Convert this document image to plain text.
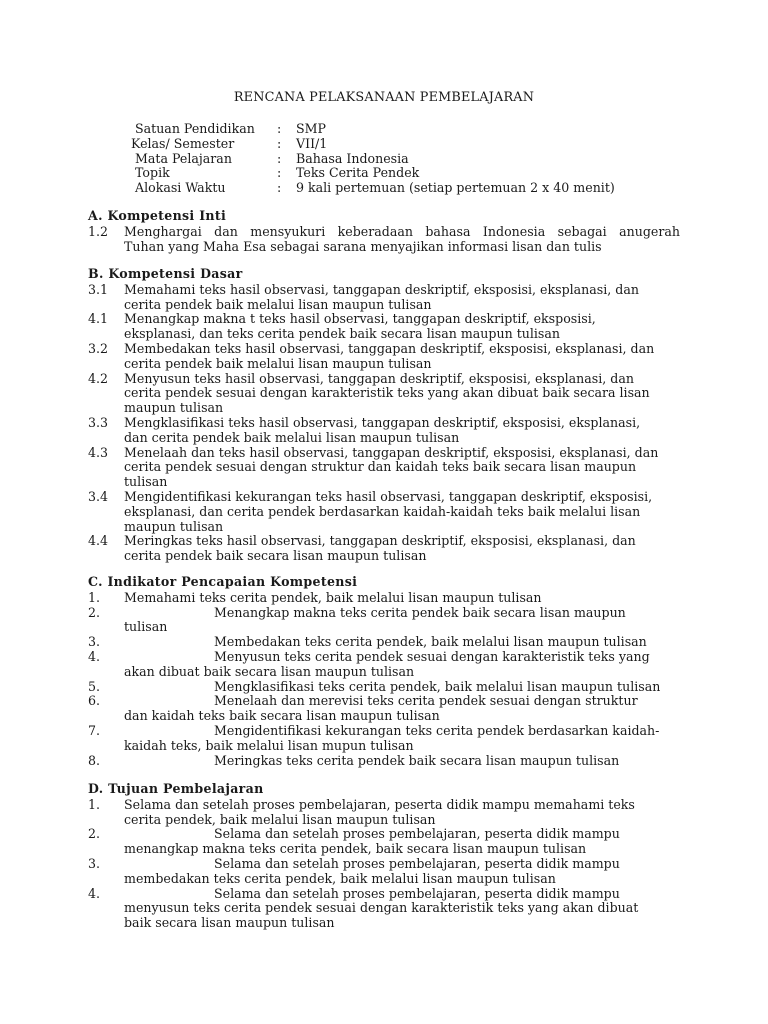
RENCANA PELAKSANAAN PEMBELAJARAN
Satuan Pendidikan : SMP
Kelas/ Semester	: VII/1
Mata Pelajaran	: Bahasa Indonesia
Topik	: Teks Cerita Pendek
Alokasi Waktu	: 9 kali pertemuan (setiap pertemuan 2 x 40 menit)
A. Kompetensi Inti
1.2 Menghargai dan mensyukuri keberadaan bahasa Indonesia sebagai anugerah
Tuhan yang Maha Esa sebagai sarana menyajikan informasi lisan dan tulis
B. Kompetensi Dasar
3.1 Memahami teks hasil observasi, tanggapan deskriptif, eksposisi, eksplanasi, dan
cerita pendek baik melalui lisan maupun tulisan
4.1 Menangkap makna t teks hasil observasi, tanggapan deskriptif, eksposisi,
eksplanasi, dan teks cerita pendek baik secara lisan maupun tulisan
3.2 Membedakan teks hasil observasi, tanggapan deskriptif, eksposisi, eksplanasi, dan
cerita pendek baik melalui lisan maupun tulisan
4.2 Menyusun teks hasil observasi, tanggapan deskriptif, eksposisi, eksplanasi, dan
cerita pendek sesuai dengan karakteristik teks yang akan dibuat baik secara lisan
maupun tulisan
3.3 Mengklasifikasi teks hasil observasi, tanggapan deskriptif, eksposisi, eksplanasi,
dan cerita pendek baik melalui lisan maupun tulisan
4.3 Menelaah dan teks hasil observasi, tanggapan deskriptif, eksposisi, eksplanasi, dan
cerita pendek sesuai dengan struktur dan kaidah teks baik secara lisan maupun
tulisan
3.4 Mengidentifikasi kekurangan teks hasil observasi, tanggapan deskriptif, eksposisi,
eksplanasi, dan cerita pendek berdasarkan kaidah-kaidah teks baik melalui lisan
maupun tulisan
4.4 Meringkas teks hasil observasi, tanggapan deskriptif, eksposisi, eksplanasi, dan
cerita pendek baik secara lisan maupun tulisan
C. Indikator Pencapaian Kompetensi
1. Memahami teks cerita pendek, baik melalui lisan maupun tulisan
2.	Menangkap makna teks cerita pendek baik secara lisan maupun
tulisan
3.	Membedakan teks cerita pendek, baik melalui lisan maupun tulisan
4.	Menyusun teks cerita pendek sesuai dengan karakteristik teks yang
akan dibuat baik secara lisan maupun tulisan
5.	Mengklasifikasi teks cerita pendek, baik melalui lisan maupun tulisan
6.	Menelaah dan merevisi teks cerita pendek sesuai dengan struktur
dan kaidah teks baik secara lisan maupun tulisan
7.	Mengidentifikasi kekurangan teks cerita pendek berdasarkan kaidah-
kaidah teks, baik melalui lisan mupun tulisan
8.	Meringkas teks cerita pendek baik secara lisan maupun tulisan
D. Tujuan Pembelajaran
1. Selama dan setelah proses pembelajaran, peserta didik mampu memahami teks
cerita pendek, baik melalui lisan maupun tulisan
2.	Selama dan setelah proses pembelajaran, peserta didik mampu
menangkap makna teks cerita pendek, baik secara lisan maupun tulisan
3.	Selama dan setelah proses pembelajaran, peserta didik mampu
membedakan teks cerita pendek, baik melalui lisan maupun tulisan
4.	Selama dan setelah proses pembelajaran, peserta didik mampu
menyusun teks cerita pendek sesuai dengan karakteristik teks yang akan dibuat
baik secara lisan maupun tulisan
